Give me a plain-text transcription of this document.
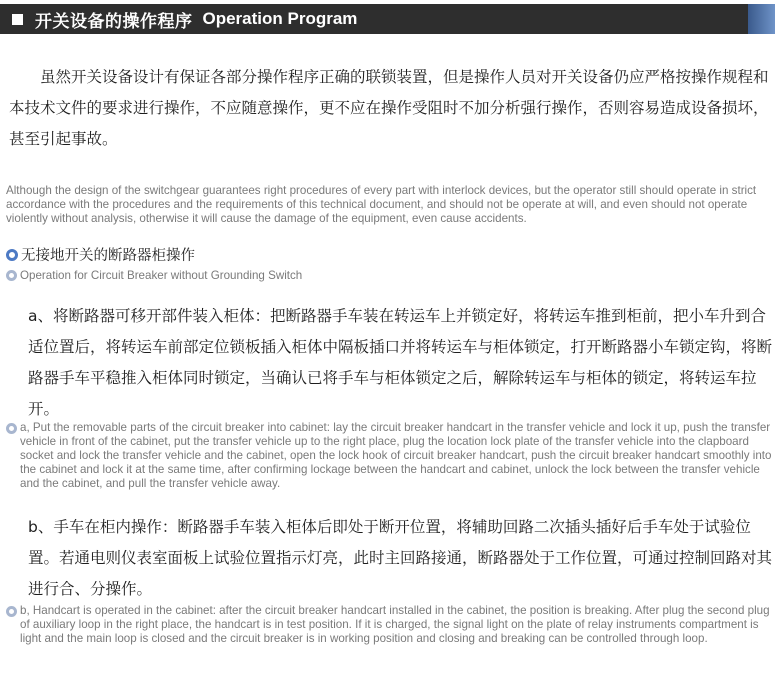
开关设备的操作程序 Operation Program
虽然开关设备设计有保证各部分操作程序正确的联锁装置，但是操作人员对开关设备仍应严格按操作规程和本技术文件的要求进行操作，不应随意操作，更不应在操作受阻时不加分析强行操作，否则容易造成设备损坏，甚至引起事故。
Although the design of the switchgear guarantees right procedures of every part with interlock devices, but the operator still should operate in strict accordance with the procedures and the requirements of this technical document, and should not be operate at will, and even should not operate violently without analysis, otherwise it will cause the damage of the equipment, even cause accidents.
无接地开关的断路器柜操作
Operation for Circuit Breaker without Grounding Switch
a、将断路器可移开部件装入柜体：把断路器手车装在转运车上并锁定好，将转运车推到柜前，把小车升到合适位置后，将转运车前部定位锁板插入柜体中隔板插口并将转运车与柜体锁定，打开断路器小车锁定钩，将断路器手车平稳推入柜体同时锁定，当确认已将手车与柜体锁定之后，解除转运车与柜体的锁定，将转运车拉开。
a, Put the removable parts of the circuit breaker into cabinet: lay the circuit breaker handcart in the transfer vehicle and lock it up, push the transfer vehicle in front of the cabinet, put the transfer vehicle up to the right place, plug the location lock plate of the transfer vehicle into the clapboard socket and lock the transfer vehicle and the cabinet, open the lock hook of circuit breaker handcart, push the circuit breaker handcart smoothly into the cabinet and lock it at the same time, after confirming lockage between the handcart and cabinet, unlock the lock between the transfer vehicle and the cabinet, and pull the transfer vehicle away.
b、手车在柜内操作：断路器手车装入柜体后即处于断开位置，将辅助回路二次插头插好后手车处于试验位置。若通电则仪表室面板上试验位置指示灯亮，此时主回路接通，断路器处于工作位置，可通过控制回路对其进行合、分操作。
b, Handcart is operated in the cabinet: after the circuit breaker handcart installed in the cabinet, the position is breaking. After plug the second plug of auxiliary loop in the right place, the handcart is in test position. If it is charged, the signal light on the plate of relay instruments compartment is light and the main loop is closed and the circuit breaker is in working position and closing and breaking can be controlled through loop.
